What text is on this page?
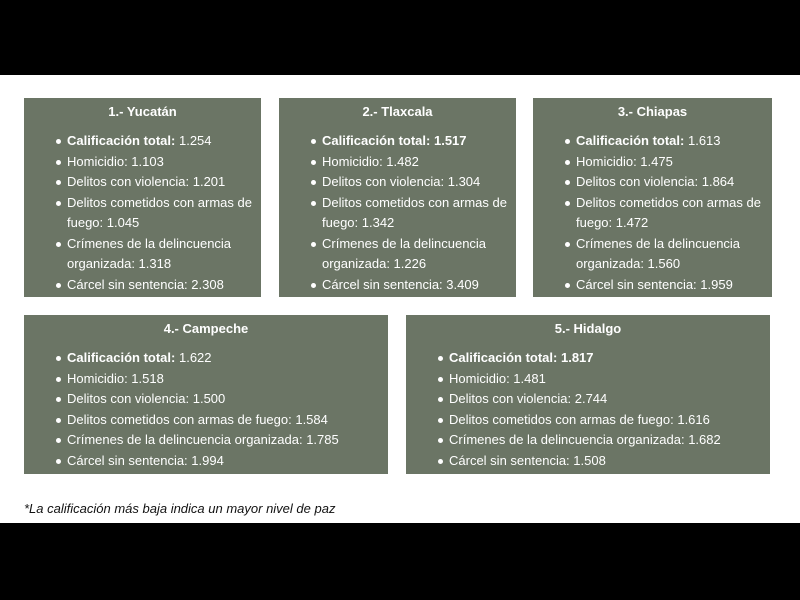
1.- Yucatán
Calificación total: 1.254
Homicidio: 1.103
Delitos con violencia: 1.201
Delitos cometidos con armas de fuego: 1.045
Crímenes de la delincuencia organizada: 1.318
Cárcel sin sentencia: 2.308
2.- Tlaxcala
Calificación total: 1.517
Homicidio: 1.482
Delitos con violencia: 1.304
Delitos cometidos con armas de fuego: 1.342
Crímenes de la delincuencia organizada: 1.226
Cárcel sin sentencia: 3.409
3.- Chiapas
Calificación total: 1.613
Homicidio: 1.475
Delitos con violencia: 1.864
Delitos cometidos con armas de fuego: 1.472
Crímenes de la delincuencia organizada: 1.560
Cárcel sin sentencia: 1.959
4.- Campeche
Calificación total: 1.622
Homicidio: 1.518
Delitos con violencia: 1.500
Delitos cometidos con armas de fuego: 1.584
Crímenes de la delincuencia organizada: 1.785
Cárcel sin sentencia: 1.994
5.- Hidalgo
Calificación total: 1.817
Homicidio: 1.481
Delitos con violencia: 2.744
Delitos cometidos con armas de fuego: 1.616
Crímenes de la delincuencia organizada: 1.682
Cárcel sin sentencia: 1.508
*La calificación más baja indica un mayor nivel de paz
